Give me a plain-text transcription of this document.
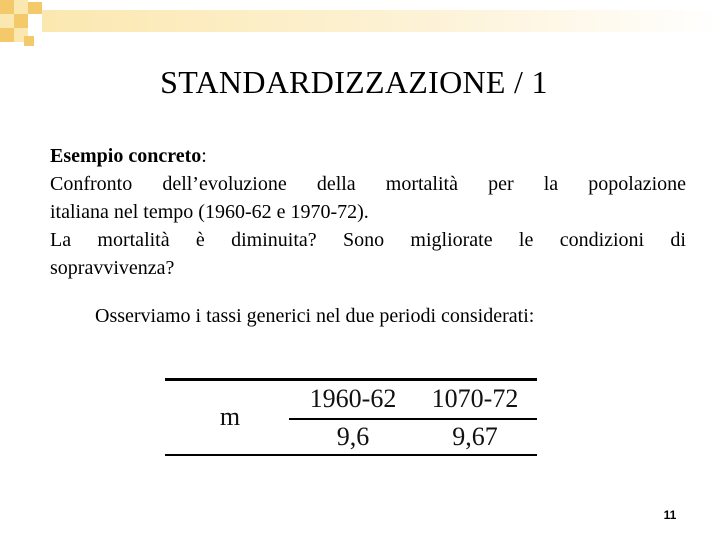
STANDARDIZZAZIONE / 1

Esempio concreto:

Confronto dell’evoluzione della mortalità per la popolazione

italiana nel tempo (1960-62 e 1970-72).

La mortalità è diminuita? Sono migliorate le condizioni di

sopravvivenza?

Osserviamo i tassi generici nel due periodi considerati:
m
1960-62	1070-72
9,6	9,67
11
